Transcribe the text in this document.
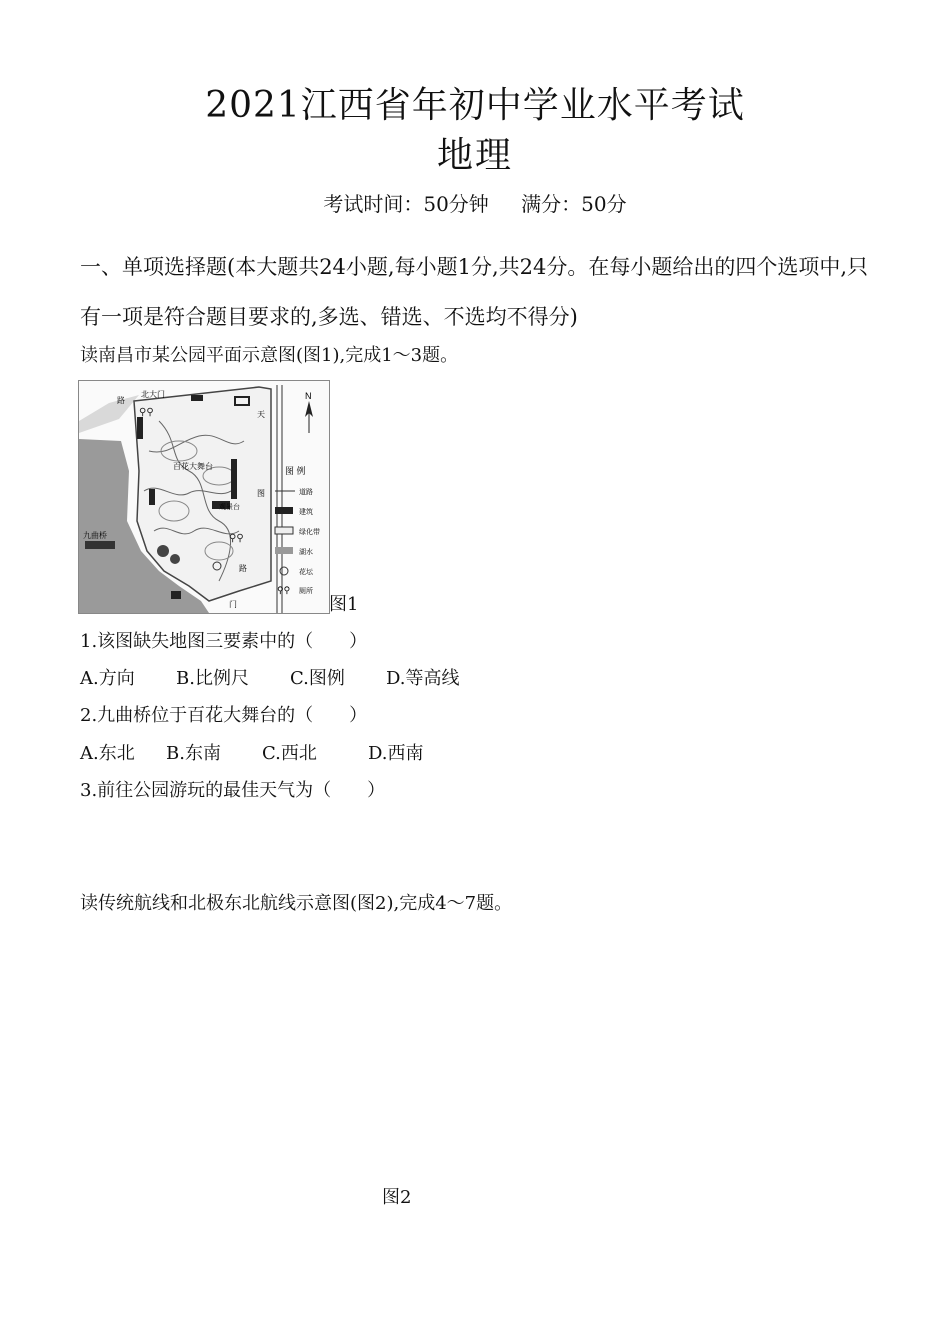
2021江西省年初中学业水平考试
地理
考试时间：50分钟 满分：50分
一、单项选择题(本大题共24小题,每小题1分,共24分。在每小题给出的四个选项中,只有一项是符合题目要求的,多选、错选、不选均不得分)
读南昌市某公园平面示意图(图1),完成1～3题。
⚲⚲
⚲⚲
N
北大门
路
天
图
路
百花大舞台
九曲桥
观景台
门
图 例
道路
建筑
绿化带
湖水
花坛
⚲⚲ 厕所
图1
1.该图缺失地图三要素中的（　　）
A.方向 B.比例尺 C.图例 D.等高线
2.九曲桥位于百花大舞台的（　　）
A.东北 B.东南 C.西北	D.西南
3.前往公园游玩的最佳天气为（　　）
读传统航线和北极东北航线示意图(图2),完成4～7题。
图2
